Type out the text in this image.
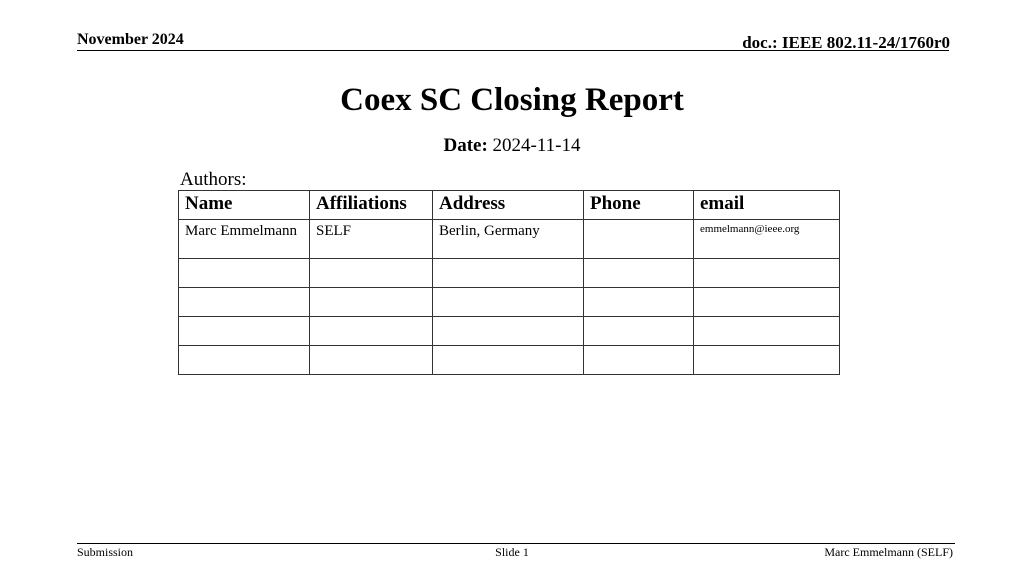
November 2024	doc.: IEEE 802.11-24/1760r0
Coex SC Closing Report
Date: 2024-11-14
Authors:
Name	Affiliations	Address	Phone	email
Marc Emmelmann	SELF	Berlin, Germany		emmelmann@ieee.org

Submission	Slide 1	Marc Emmelmann (SELF)
